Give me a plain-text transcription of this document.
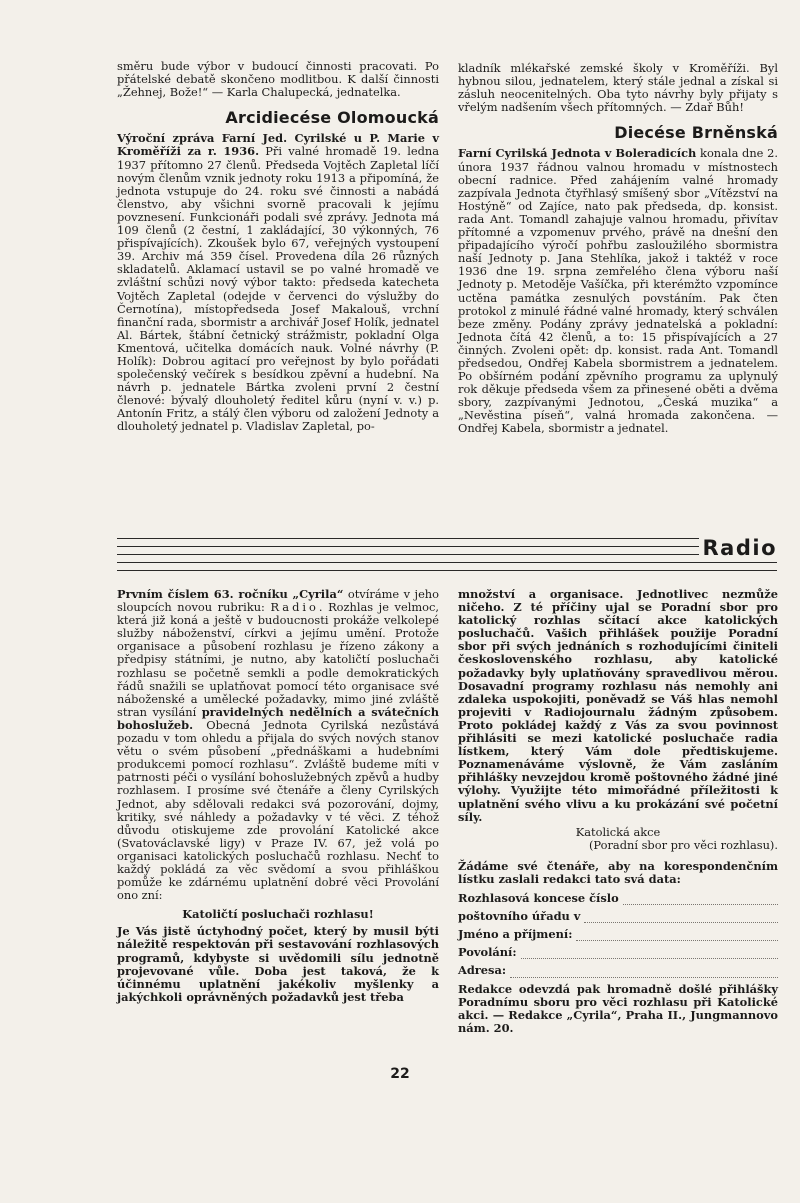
směru bude výbor v budoucí činnosti pracovati. Po přátelské debatě skončeno modlitbou. K další činnosti „Žehnej, Bože!“ — Karla Chalupecká, jednatelka.

Arcidiecése Olomoucká

Výroční zpráva Farní Jed. Cyrilské u P. Marie v Kroměříži za r. 1936. Při valné hromadě 19. ledna 1937 přítomno 27 členů. Předseda Vojtěch Zapletal líčí novým členům vznik jednoty roku 1913 a připomíná, že jednota vstupuje do 24. roku své činnosti a nabádá členstvo, aby všichni svorně pracovali k jejímu povznesení. Funkcionáři podali své zprávy. Jednota má 109 členů (2 čestní, 1 zakládající, 30 výkonných, 76 přispívajících). Zkoušek bylo 67, veřejných vystoupení 39. Archiv má 359 čísel. Provedena díla 26 různých skladatelů. Aklamací ustavil se po valné hromadě ve zvláštní schůzi nový výbor takto: předseda katecheta Vojtěch Zapletal (odejde v červenci do výslužby do Černotína), místopředseda Josef Makalouš, vrchní finanční rada, sbormistr a archivář Josef Holík, jednatel Al. Bártek, štábní četnický strážmistr, pokladní Olga Kmentová, učitelka domácích nauk. Volné návrhy (P. Holík): Dobrou agitací pro veřejnost by bylo pořádati společenský večírek s besídkou zpěvní a hudební. Na návrh p. jednatele Bártka zvoleni první 2 čestní členové: bývalý dlouholetý ředitel kůru (nyní v. v.) p. Antonín Fritz, a stálý člen výboru od založení Jednoty a dlouholetý jednatel p. Vladislav Zapletal, po-

kladník mlékařské zemské školy v Kroměříži. Byl hybnou silou, jednatelem, který stále jednal a získal si zásluh neocenitelných. Oba tyto návrhy byly přijaty s vřelým nadšením všech přítomných. — Zdař Bůh!

Diecése Brněnská

Farní Cyrilská Jednota v Boleradicích konala dne 2. února 1937 řádnou valnou hromadu v místnostech obecní radnice. Před zahájením valné hromady zazpívala Jednota čtyřhlasý smíšený sbor „Vítězství na Hostýně“ od Zajíce, nato pak předseda, dp. konsist. rada Ant. Tomandl zahajuje valnou hromadu, přivítav přítomné a vzpomenuv prvého, právě na dnešní den připadajícího výročí pohřbu zasloužilého sbormistra naší Jednoty p. Jana Stehlíka, jakož i taktéž v roce 1936 dne 19. srpna zemřelého člena výboru naší Jednoty p. Metoděje Vašíčka, při kterémžto vzpomínce uctěna památka zesnulých povstáním. Pak čten protokol z minulé řádné valné hromady, který schválen beze změny. Podány zprávy jednatelská a pokladní: Jednota čítá 42 členů, a to: 15 přispívajících a 27 činných. Zvoleni opět: dp. konsist. rada Ant. Tomandl předsedou, Ondřej Kabela sbormistrem a jednatelem. Po obšírném podání zpěvního programu za uplynulý rok děkuje předseda všem za přinesené oběti a dvěma sbory, zazpívanými Jednotou, „Česká muzika“ a „Nevěstina píseň“, valná hromada zakončena. — Ondřej Kabela, sbormistr a jednatel.

Radio

Prvním číslem 63. ročníku „Cyrila“ otvíráme v jeho sloupcích novou rubriku: Radio. Rozhlas je velmoc, která již koná a ještě v budoucnosti prokáže velkolepé služby náboženství, církvi a jejímu umění. Protože organisace a působení rozhlasu je řízeno zákony a předpisy státními, je nutno, aby katoličtí posluchači rozhlasu se početně semkli a podle demokratických řádů snažili se uplatňovat pomocí této organisace své náboženské a umělecké požadavky, mimo jiné zvláště stran vysílání pravidelných nedělních a svátečních bohoslužeb. Obecná Jednota Cyrilská nezůstává pozadu v tom ohledu a přijala do svých nových stanov větu o svém působení „přednáškami a hudebními produkcemi pomocí rozhlasu“. Zvláště budeme míti v patrnosti péči o vysílání bohoslužebných zpěvů a hudby rozhlasem. I prosíme své čtenáře a členy Cyrilských Jednot, aby sdělovali redakci svá pozorování, dojmy, kritiky, své náhledy a požadavky v té věci. Z téhož důvodu otiskujeme zde provolání Katolické akce (Svatováclavské ligy) v Praze IV. 67, jež volá po organisaci katolických posluchačů rozhlasu. Nechť to každý pokládá za věc svědomí a svou přihláškou pomůže ke zdárnému uplatnění dobré věci Provolání ono zní:

Katoličtí posluchači rozhlasu!

Je Vás jistě úctyhodný počet, který by musil býti náležitě respektován při sestavování rozhlasových programů, kdybyste si uvědomili sílu jednotně projevované vůle. Doba jest taková, že k účinnému uplatnění jakékoliv myšlenky a jakýchkoli oprávněných požadavků jest třeba

množství a organisace. Jednotlivec nezmůže ničeho. Z té příčiny ujal se Poradní sbor pro katolický rozhlas sčítací akce katolických posluchačů. Vašich přihlášek použije Poradní sbor při svých jednáních s rozhodujícími činiteli československého rozhlasu, aby katolické požadavky byly uplatňovány spravedlivou měrou. Dosavadní programy rozhlasu nás nemohly ani zdaleka uspokojiti, poněvadž se Váš hlas nemohl projeviti v Radiojournalu žádným způsobem. Proto pokládej každý z Vás za svou povinnost přihlásiti se mezi katolické posluchače radia lístkem, který Vám dole předtiskujeme. Poznamenáváme výslovně, že Vám zasláním přihlášky nevzejdou kromě poštovného žádné jiné výlohy. Využijte této mimořádné příležitosti k uplatnění svého vlivu a ku prokázání své početní síly.

Katolická akce

(Poradní sbor pro věci rozhlasu).

Žádáme své čtenáře, aby na korespondenčním lístku zaslali redakci tato svá data:

Rozhlasová koncese číslo
poštovního úřadu v
Jméno a příjmení:
Povolání:
Adresa:

Redakce odevzdá pak hromadně došlé přihlášky Poradnímu sboru pro věci rozhlasu při Katolické akci. — Redakce „Cyrila“, Praha II., Jungmannovo nám. 20.

22
